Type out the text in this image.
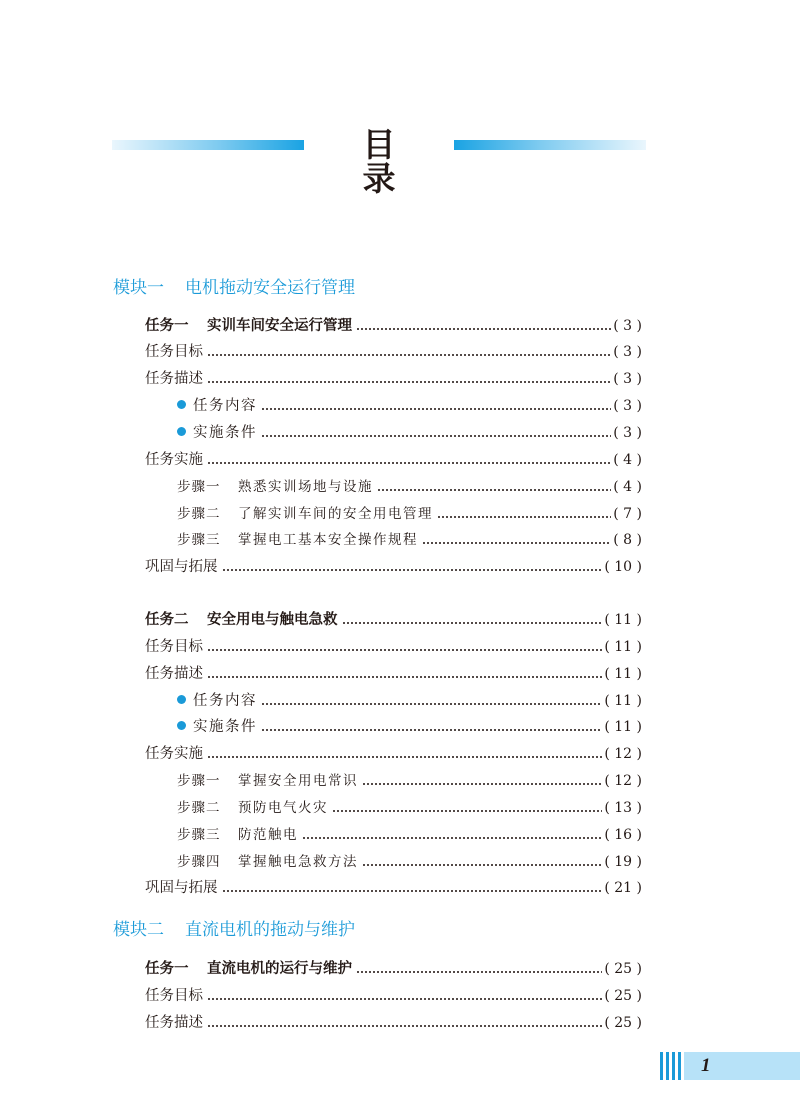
目录
模块一 电机拖动安全运行管理
任务一 实训车间安全运行管理	( 3 )
任务目标	( 3 )
任务描述	( 3 )
任务内容	( 3 )
实施条件	( 3 )
任务实施	( 4 )
步骤一	熟悉实训场地与设施	( 4 )
步骤二	了解实训车间的安全用电管理	( 7 )
步骤三	掌握电工基本安全操作规程	( 8 )
巩固与拓展	( 10 )
任务二 安全用电与触电急救	( 11 )
任务目标	( 11 )
任务描述	( 11 )
任务内容	( 11 )
实施条件	( 11 )
任务实施	( 12 )
步骤一	掌握安全用电常识	( 12 )
步骤二	预防电气火灾	( 13 )
步骤三	防范触电	( 16 )
步骤四	掌握触电急救方法	( 19 )
巩固与拓展	( 21 )
模块二 直流电机的拖动与维护
任务一 直流电机的运行与维护	( 25 )
任务目标	( 25 )
任务描述	( 25 )
1
